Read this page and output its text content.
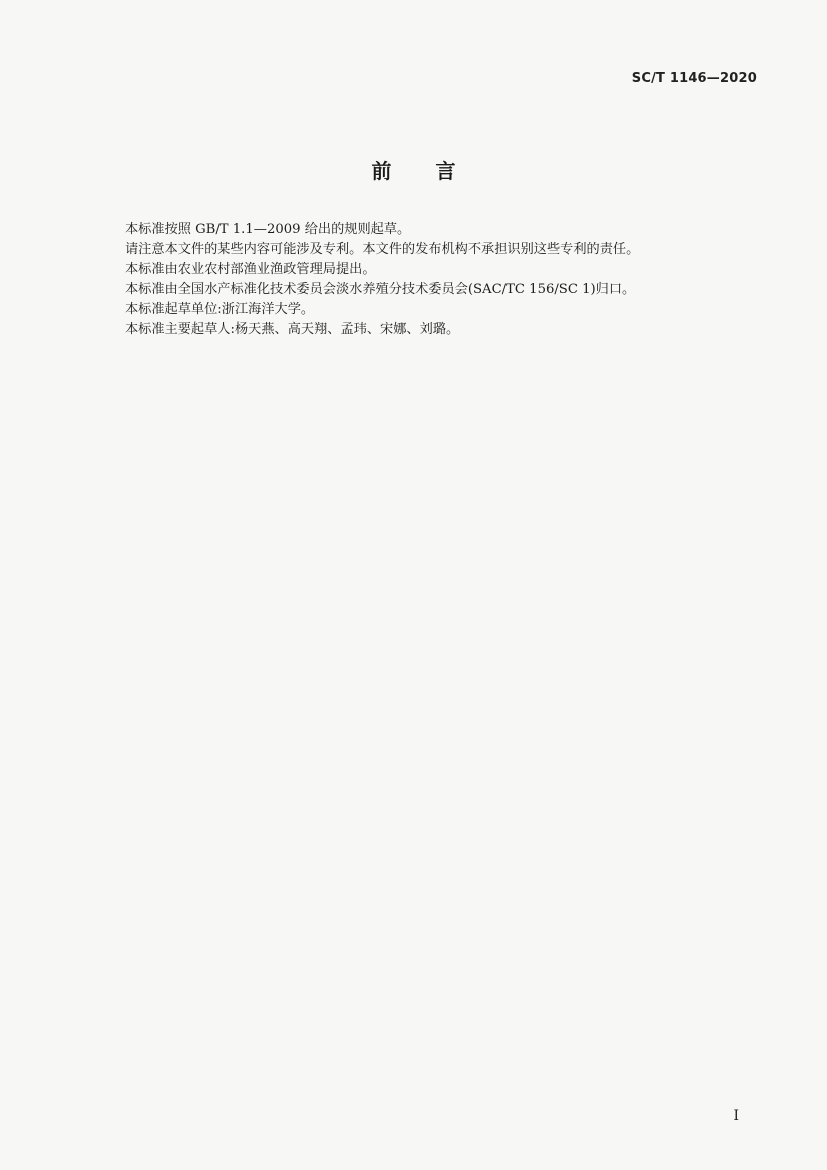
SC/T 1146—2020
前言
本标准按照 GB/T 1.1—2009 给出的规则起草。
请注意本文件的某些内容可能涉及专利。本文件的发布机构不承担识别这些专利的责任。
本标准由农业农村部渔业渔政管理局提出。
本标准由全国水产标准化技术委员会淡水养殖分技术委员会(SAC/TC 156/SC 1)归口。
本标准起草单位:浙江海洋大学。
本标准主要起草人:杨天燕、高天翔、孟玮、宋娜、刘璐。
I
